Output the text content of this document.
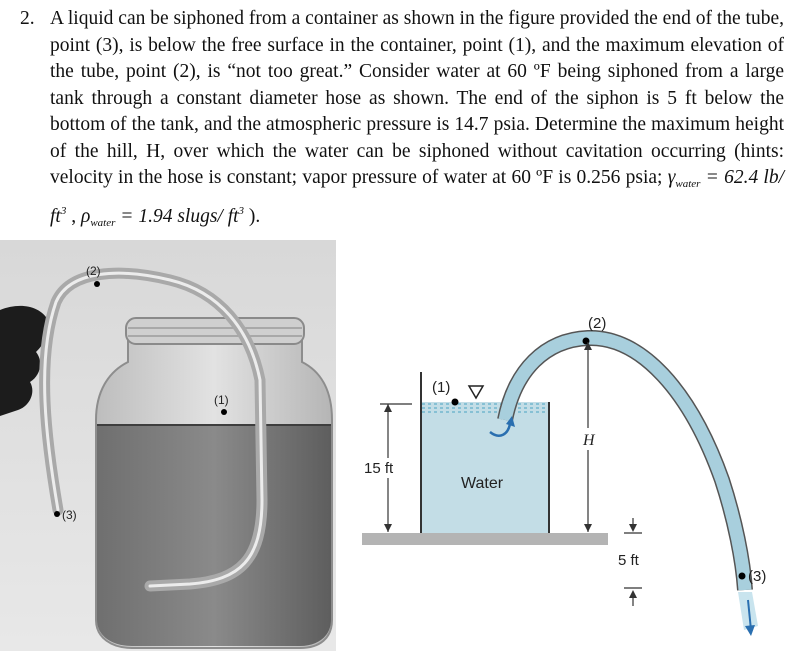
2. A liquid can be siphoned from a container as shown in the figure provided the end of the tube, point (3), is below the free surface in the container, point (1), and the maximum elevation of the tube, point (2), is “not too great.” Consider water at 60 ºF being siphoned from a large tank through a constant diameter hose as shown. The end of the siphon is 5 ft below the bottom of the tank, and the atmospheric pressure is 14.7 psia. Determine the maximum height of the hill, H, over which the water can be siphoned without cavitation occurring (hints: velocity in the hose is constant; vapor pressure of water at 60 ºF is 0.256 psia; $\gamma_{water} = 62.4$ lb/ $ft^3$ , $\rho_{water} = 1.94$ slugs/ $ft^3$ ).
(2)
(1)
(3)
(1)
(2)
(3)
15 ft
H
5 ft
Water
